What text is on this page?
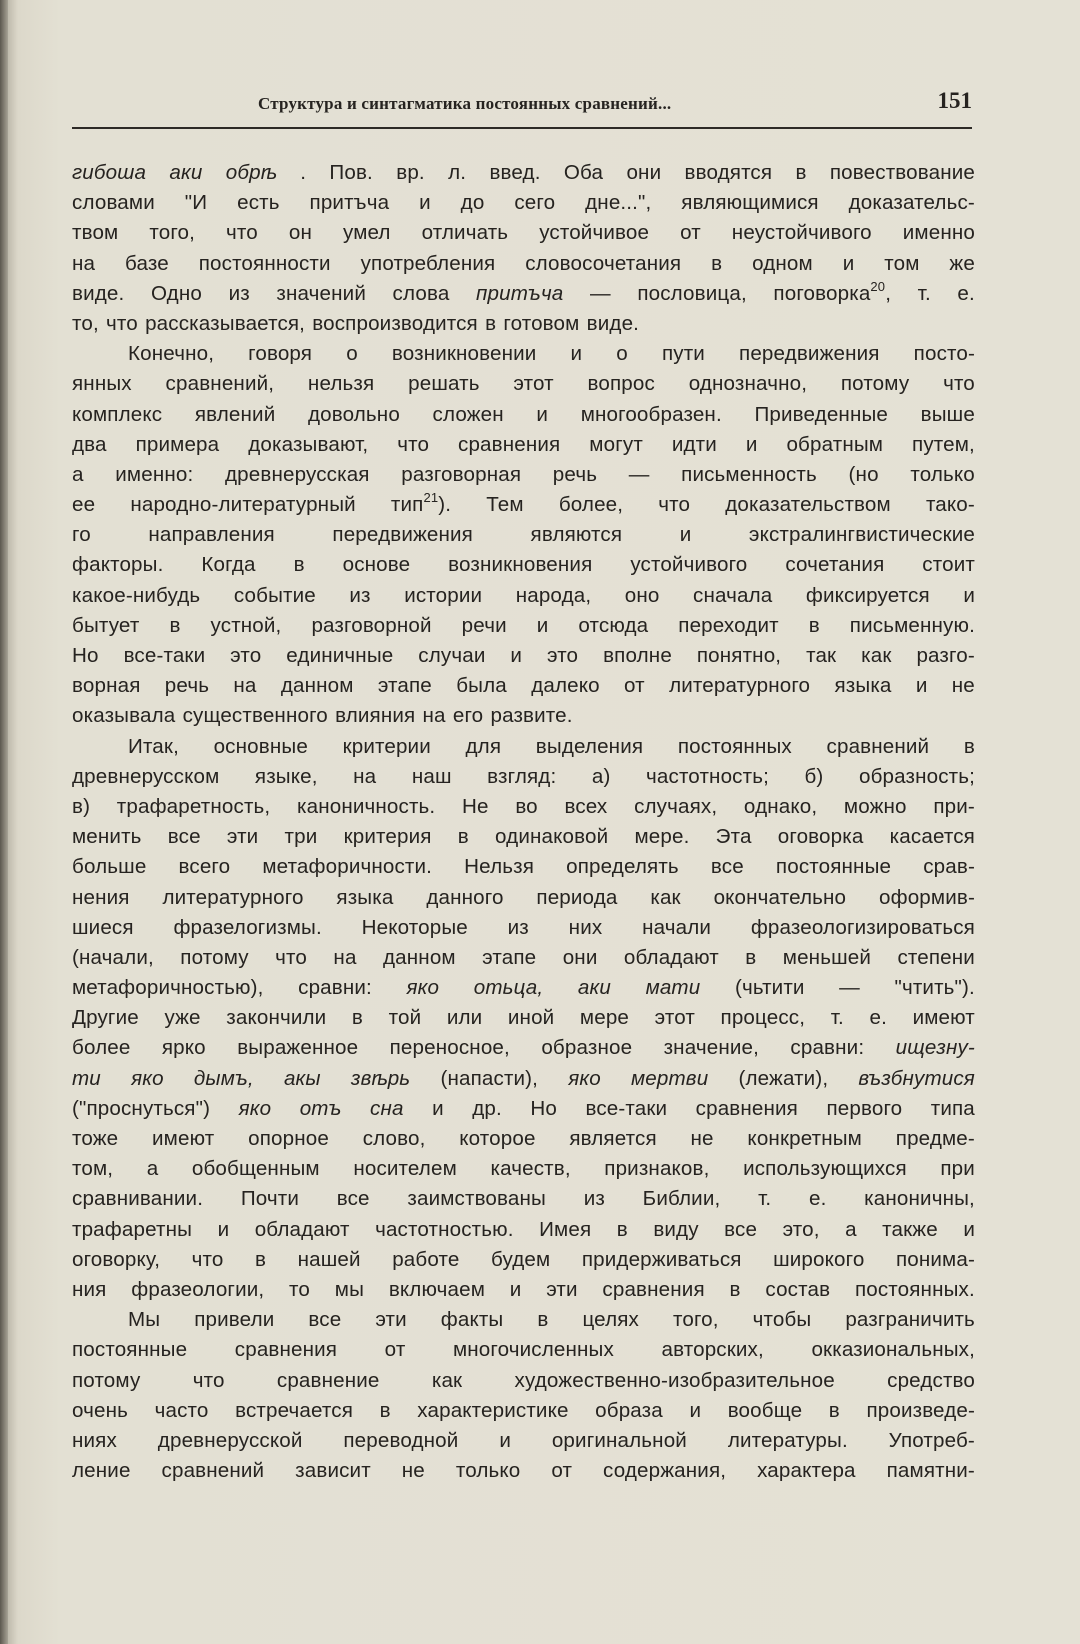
Структура и синтагматика постоянных сравнений...	151
гибоша аки обрѣ . Пов. вр. л. введ. Оба они вводятся в повествование
словами "И есть притъча и до сего дне...", являющимися доказательс-
твом того, что он умел отличать устойчивое от неустойчивого именно
на базе постоянности употребления словосочетания в одном и том же
виде. Одно из значений слова притъча — пословица, поговорка$^{20}$, т. е.
то, что рассказывается, воспроизводится в готовом виде.
Конечно, говоря о возникновении и о пути передвижения посто-
янных сравнений, нельзя решать этот вопрос однозначно, потому что
комплекс явлений довольно сложен и многообразен. Приведенные выше
два примера доказывают, что сравнения могут идти и обратным путем,
а именно: древнерусская разговорная речь — письменность (но только
ее народно-литературный тип$^{21}$). Тем более, что доказательством тако-
го	направления	передвижения	являются	и	экстралингвистические
факторы. Когда в основе возникновения устойчивого сочетания стоит
какое-нибудь событие из истории народа, оно сначала фиксируется и
бытует в устной, разговорной речи и отсюда переходит в письменную.
Но все-таки это единичные случаи и это вполне понятно, так как разго-
ворная речь на данном этапе была далеко от литературного языка и не
оказывала существенного влияния на его развите.
Итак, основные критерии для выделения постоянных сравнений в
древнерусском языке, на наш взгляд: а) частотность; б) образность;
в) трафаретность, каноничность. Не во всех случаях, однако, можно при-
менить все эти три критерия в одинаковой мере. Эта оговорка касается
больше всего метафоричности. Нельзя определять все постоянные срав-
нения литературного языка данного периода как окончательно оформив-
шиеся фразелогизмы. Некоторые из них начали фразеологизироваться
(начали, потому что на данном этапе они обладают в меньшей степени
метафоричностью), сравни: яко отьца, аки мати (чьтити — "чтить").
Другие уже закончили в той или иной мере этот процесс, т. е. имеют
более ярко выраженное переносное, образное значение, сравни: ищезну-
ти яко дымъ, акы звѣрь (напасти), яко мертви (лежати), възбнутися
("проснуться") яко отъ сна и др. Но все-таки сравнения первого типа
тоже имеют опорное слово, которое является не конкретным предме-
том, а обобщенным носителем качеств, признаков, использующихся при
сравнивании. Почти все заимствованы из Библии, т. е. каноничны,
трафаретны и обладают частотностью. Имея в виду все это, а также и
оговорку, что в нашей работе будем придерживаться широкого понима-
ния фразеологии, то мы включаем и эти сравнения в состав постоянных.
Мы привели все эти факты в целях того, чтобы разграничить
постоянные сравнения от многочисленных авторских, окказиональных,
потому	что	сравнение	как	художественно-изобразительное	средство
очень часто встречается в характеристике образа и вообще в произведе-
ниях древнерусской переводной и оригинальной литературы. Употреб-
ление сравнений зависит не только от содержания, характера памятни-
